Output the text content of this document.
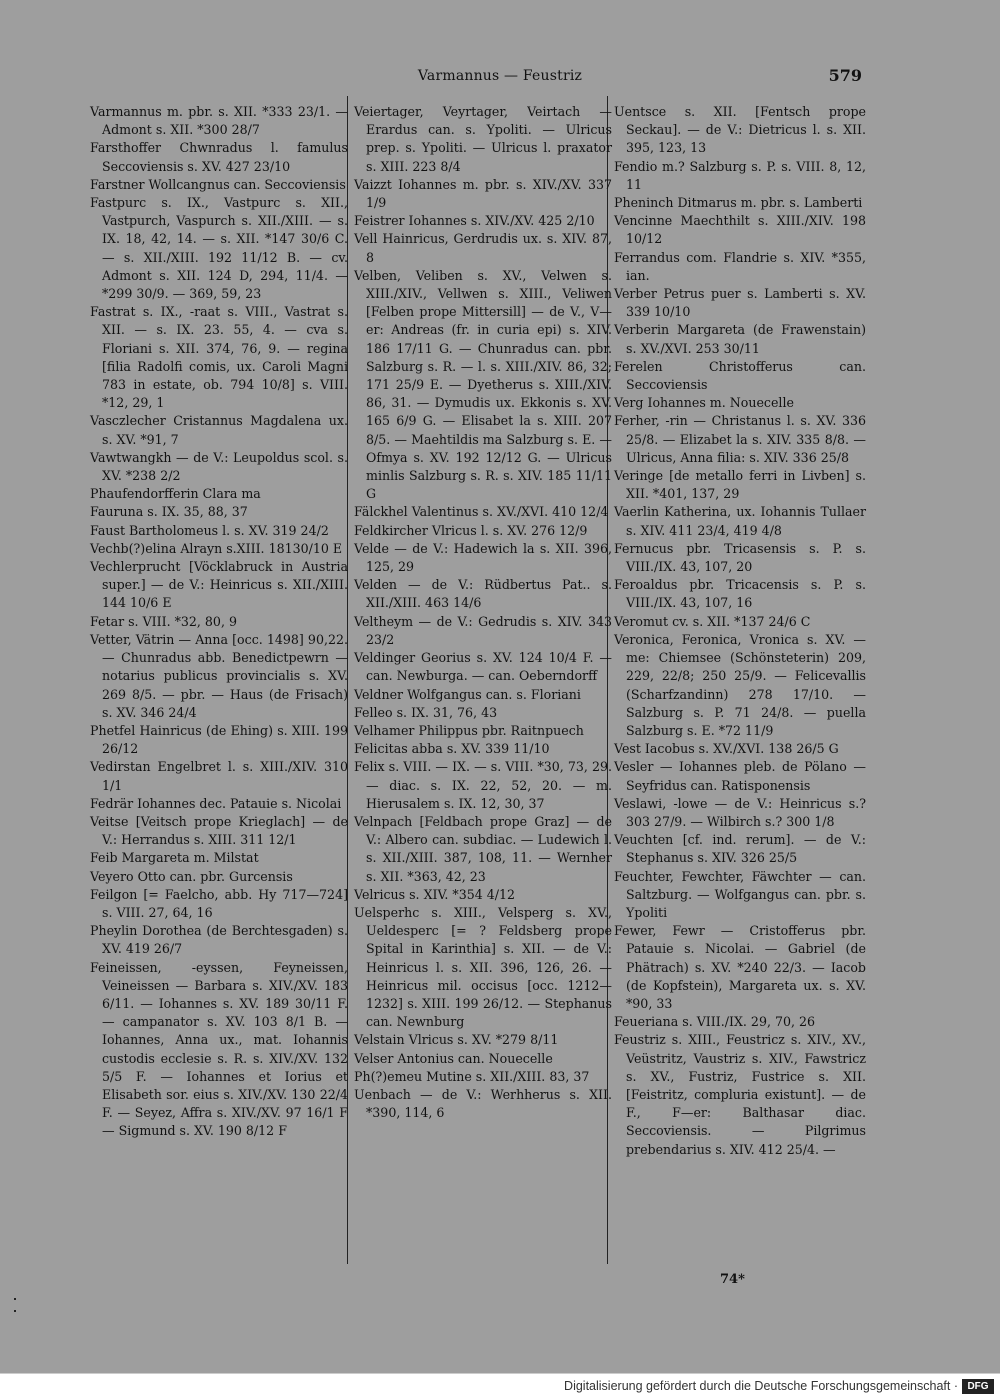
Varmannus — Feustriz	579

Varmannus m. pbr. s. XII. *333 23/1. — Admont s. XII. *300 28/7

Farsthoffer Chwnradus l. famulus Seccoviensis s. XV. 427 23/10

Farstner Wollcangnus can. Seccoviensis

Fastpurc s. IX., Vastpurc s. XII., Vastpurch, Vaspurch s. XII./XIII. — s. IX. 18, 42, 14. — s. XII. *147 30/6 C. — s. XII./XIII. 192 11/12 B. — cv. Admont s. XII. 124 D, 294, 11/4. — *299 30/9. — 369, 59, 23

Fastrat s. IX., -raat s. VIII., Vastrat s. XII. — s. IX. 23. 55, 4. — cva s. Floriani s. XII. 374, 76, 9. — regina [filia Radolfi comis, ux. Caroli Magni 783 in estate, ob. 794 10/8] s. VIII. *12, 29, 1

Vasczlecher Cristannus Magdalena ux. s. XV. *91, 7

Vawtwangkh — de V.: Leupoldus scol. s. XV. *238 2/2

Phaufendorfferin Clara ma

Fauruna s. IX. 35, 88, 37

Faust Bartholomeus l. s. XV. 319 24/2

Vechb(?)elina Alrayn s.XIII. 18130/10 E

Vechlerprucht [Vöcklabruck in Austria super.] — de V.: Heinricus s. XII./XIII. 144 10/6 E

Fetar s. VIII. *32, 80, 9

Vetter, Vätrin — Anna [occ. 1498] 90,22. — Chunradus abb. Benedictpewrn — notarius publicus provincialis s. XV. 269 8/5. — pbr. — Haus (de Frisach) s. XV. 346 24/4

Phetfel Hainricus (de Ehing) s. XIII. 199 26/12

Vedirstan Engelbret l. s. XIII./XIV. 310 1/1

Fedrär Iohannes dec. Patauie s. Nicolai

Veitse [Veitsch prope Krieglach] — de V.: Herrandus s. XIII. 311 12/1

Feib Margareta m. Milstat

Veyero Otto can. pbr. Gurcensis

Feilgon [= Faelcho, abb. Hy 717—724] s. VIII. 27, 64, 16

Pheylin Dorothea (de Berchtesgaden) s. XV. 419 26/7

Feineissen, -eyssen, Feyneissen, Veineissen — Barbara s. XIV./XV. 183 6/11. — Iohannes s. XV. 189 30/11 F. — campanator s. XV. 103 8/1 B. — Iohannes, Anna ux., mat. Iohannis custodis ecclesie s. R. s. XIV./XV. 132 5/5 F. — Iohannes et Iorius et Elisabeth sor. eius s. XIV./XV. 130 22/4 F. — Seyez, Affra s. XIV./XV. 97 16/1 F — Sigmund s. XV. 190 8/12 F

Veiertager, Veyrtager, Veirtach — Erardus can. s. Ypoliti. — Ulricus prep. s. Ypoliti. — Ulricus l. praxator s. XIII. 223 8/4

Vaizzt Iohannes m. pbr. s. XIV./XV. 337 1/9

Feistrer Iohannes s. XIV./XV. 425 2/10

Vell Hainricus, Gerdrudis ux. s. XIV. 87, 8

Velben, Veliben s. XV., Velwen s. XIII./XIV., Vellwen s. XIII., Veliwen [Felben prope Mittersill] — de V., V—er: Andreas (fr. in curia epi) s. XIV. 186 17/11 G. — Chunradus can. pbr. Salzburg s. R. — l. s. XIII./XIV. 86, 32; 171 25/9 E. — Dyetherus s. XIII./XIV. 86, 31. — Dymudis ux. Ekkonis s. XV. 165 6/9 G. — Elisabet la s. XIII. 207 8/5. — Maehtildis ma Salzburg s. E. — Ofmya s. XV. 192 12/12 G. — Ulricus minlis Salzburg s. R. s. XIV. 185 11/11 G

Fälckhel Valentinus s. XV./XVI. 410 12/4

Feldkircher Vlricus l. s. XV. 276 12/9

Velde — de V.: Hadewich la s. XII. 396, 125, 29

Velden — de V.: Rüdbertus Pat.. s. XII./XIII. 463 14/6

Veltheym — de V.: Gedrudis s. XIV. 343 23/2

Veldinger Georius s. XV. 124 10/4 F. — can. Newburga. — can. Oeberndorff

Veldner Wolfgangus can. s. Floriani

Felleo s. IX. 31, 76, 43

Velhamer Philippus pbr. Raitnpuech

Felicitas abba s. XV. 339 11/10

Felix s. VIII. — IX. — s. VIII. *30, 73, 29. — diac. s. IX. 22, 52, 20. — m. Hierusalem s. IX. 12, 30, 37

Velnpach [Feldbach prope Graz] — de V.: Albero can. subdiac. — Ludewich l. s. XII./XIII. 387, 108, 11. — Wernher s. XII. *363, 42, 23

Velricus s. XIV. *354 4/12

Uelsperhc s. XIII., Velsperg s. XV., Ueldesperc [= ? Feldsberg prope Spital in Karinthia] s. XII. — de V.: Heinricus l. s. XII. 396, 126, 26. — Heinricus mil. occisus [occ. 1212—1232] s. XIII. 199 26/12. — Stephanus can. Newnburg

Velstain Vlricus s. XV. *279 8/11

Velser Antonius can. Nouecelle

Ph(?)emeu Mutine s. XII./XIII. 83, 37

Uenbach — de V.: Werhherus s. XII. *390, 114, 6

Uentsce s. XII. [Fentsch prope Seckau]. — de V.: Dietricus l. s. XII. 395, 123, 13

Fendio m.? Salzburg s. P. s. VIII. 8, 12, 11

Pheninch Ditmarus m. pbr. s. Lamberti

Vencinne Maechthilt s. XIII./XIV. 198 10/12

Ferrandus com. Flandrie s. XIV. *355, ian.

Verber Petrus puer s. Lamberti s. XV. 339 10/10

Verberin Margareta (de Frawenstain) s. XV./XVI. 253 30/11

Ferelen Christofferus can. Seccoviensis

Verg Iohannes m. Nouecelle

Ferher, -rin — Christanus l. s. XV. 336 25/8. — Elizabet la s. XIV. 335 8/8. — Ulricus, Anna filia: s. XIV. 336 25/8

Veringe [de metallo ferri in Livben] s. XII. *401, 137, 29

Vaerlin Katherina, ux. Iohannis Tullaer s. XIV. 411 23/4, 419 4/8

Fernucus pbr. Tricasensis s. P. s. VIII./IX. 43, 107, 20

Feroaldus pbr. Tricacensis s. P. s. VIII./IX. 43, 107, 16

Veromut cv. s. XII. *137 24/6 C

Veronica, Feronica, Vronica s. XV. — me: Chiemsee (Schönsteterin) 209, 229, 22/8; 250 25/9. — Felicevallis (Scharfzandinn) 278 17/10. — Salzburg s. P. 71 24/8. — puella Salzburg s. E. *72 11/9

Vest Iacobus s. XV./XVI. 138 26/5 G

Vesler — Iohannes pleb. de Pölano — Seyfridus can. Ratisponensis

Veslawi, -lowe — de V.: Heinricus s.? 303 27/9. — Wilbirch s.? 300 1/8

Veuchten [cf. ind. rerum]. — de V.: Stephanus s. XIV. 326 25/5

Feuchter, Fewchter, Fäwchter — can. Saltzburg. — Wolfgangus can. pbr. s. Ypoliti

Fewer, Fewr — Cristofferus pbr. Patauie s. Nicolai. — Gabriel (de Phätrach) s. XV. *240 22/3. — Iacob (de Kopfstein), Margareta ux. s. XV. *90, 33

Feueriana s. VIII./IX. 29, 70, 26

Feustriz s. XIII., Feustricz s. XIV., XV., Veüstritz, Vaustriz s. XIV., Fawstricz s. XV., Fustriz, Fustrice s. XII. [Feistritz, compluria existunt]. — de F., F—er: Balthasar diac. Seccoviensis. — Pilgrimus prebendarius s. XIV. 412 25/4. —

74*
Digitalisierung gefördert durch die Deutsche Forschungsgemeinschaft · DFG
